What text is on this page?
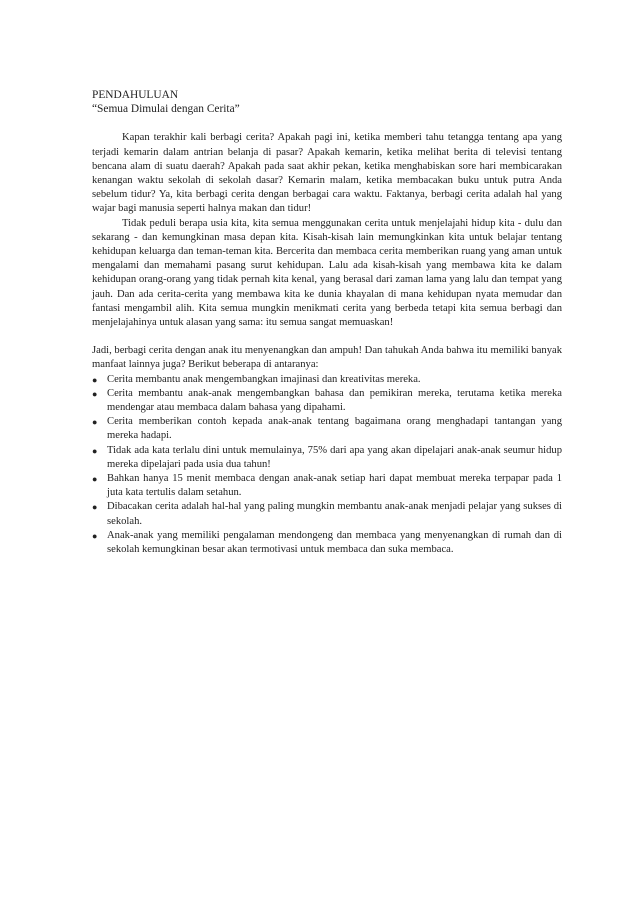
PENDAHULUAN

“Semua Dimulai dengan Cerita”

Kapan terakhir kali berbagi cerita? Apakah pagi ini, ketika memberi tahu tetangga tentang apa yang terjadi kemarin dalam antrian belanja di pasar? Apakah kemarin, ketika melihat berita di televisi tentang bencana alam di suatu daerah? Apakah pada saat akhir pekan, ketika menghabiskan sore hari membicarakan kenangan waktu sekolah di sekolah dasar? Kemarin malam, ketika membacakan buku untuk putra Anda sebelum tidur? Ya, kita berbagi cerita dengan berbagai cara waktu. Faktanya, berbagi cerita adalah hal yang wajar bagi manusia seperti halnya makan dan tidur!

Tidak peduli berapa usia kita, kita semua menggunakan cerita untuk menjelajahi hidup kita - dulu dan sekarang - dan kemungkinan masa depan kita. Kisah-kisah lain memungkinkan kita untuk belajar tentang kehidupan keluarga dan teman-teman kita. Bercerita dan membaca cerita memberikan ruang yang aman untuk mengalami dan memahami pasang surut kehidupan. Lalu ada kisah-kisah yang membawa kita ke dalam kehidupan orang-orang yang tidak pernah kita kenal, yang berasal dari zaman lama yang lalu dan tempat yang jauh. Dan ada cerita-cerita yang membawa kita ke dunia khayalan di mana kehidupan nyata memudar dan fantasi mengambil alih. Kita semua mungkin menikmati cerita yang berbeda tetapi kita semua berbagi dan menjelajahinya untuk alasan yang sama: itu semua sangat memuaskan!

Jadi, berbagi cerita dengan anak itu menyenangkan dan ampuh! Dan tahukah Anda bahwa itu memiliki banyak manfaat lainnya juga? Berikut beberapa di antaranya:

● Cerita membantu anak mengembangkan imajinasi dan kreativitas mereka.
● Cerita membantu anak-anak mengembangkan bahasa dan pemikiran mereka, terutama ketika mereka mendengar atau membaca dalam bahasa yang dipahami.
● Cerita memberikan contoh kepada anak-anak tentang bagaimana orang menghadapi tantangan yang mereka hadapi.
● Tidak ada kata terlalu dini untuk memulainya, 75% dari apa yang akan dipelajari anak-anak seumur hidup mereka dipelajari pada usia dua tahun!
● Bahkan hanya 15 menit membaca dengan anak-anak setiap hari dapat membuat mereka terpapar pada 1 juta kata tertulis dalam setahun.
● Dibacakan cerita adalah hal-hal yang paling mungkin membantu anak-anak menjadi pelajar yang sukses di sekolah.
● Anak-anak yang memiliki pengalaman mendongeng dan membaca yang menyenangkan di rumah dan di sekolah kemungkinan besar akan termotivasi untuk membaca dan suka membaca.
